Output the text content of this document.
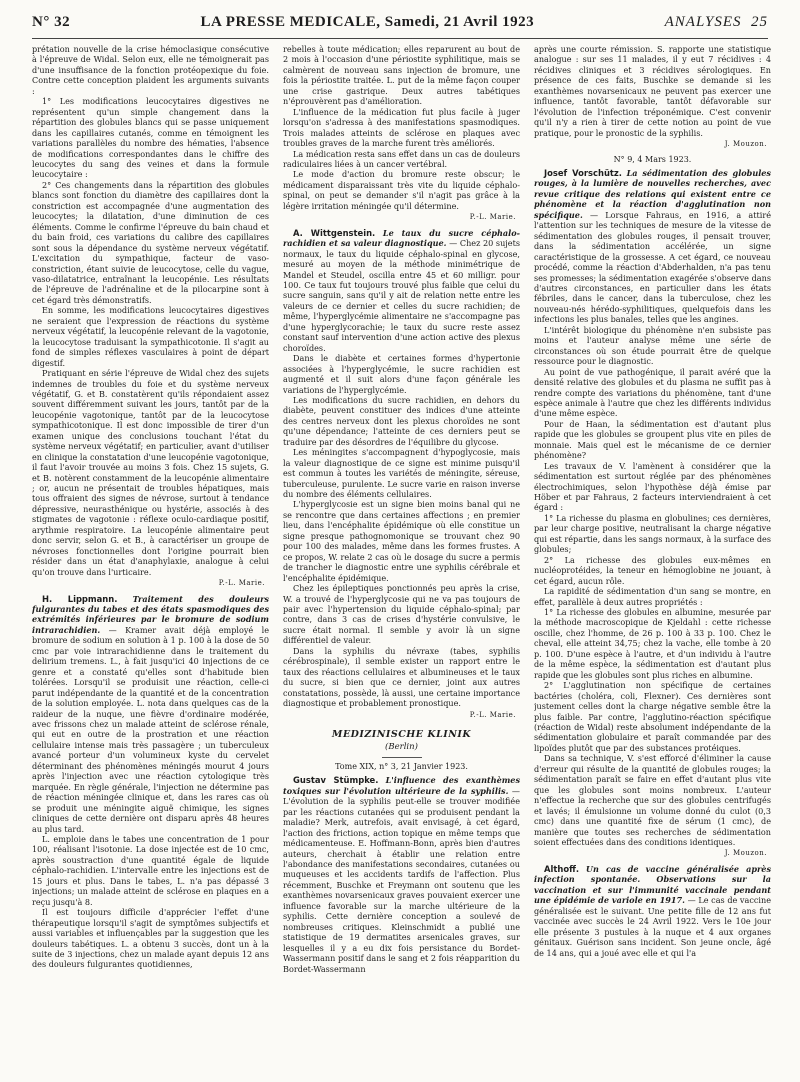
N° 32	LA PRESSE MEDICALE, Samedi, 21 Avril 1923	ANALYSES 25

prétation nouvelle de la crise hémoclasique consécutive à l'épreuve de Widal. Selon eux, elle ne témoignerait pas d'une insuffisance de la fonction protéopexique du foie. Contre cette conception plaident les arguments suivants :

1° Les modifications leucocytaires digestives ne représentent qu'un simple changement dans la répartition des globules blancs qui se passe uniquement dans les capillaires cutanés, comme en témoignent les variations parallèles du nombre des hématies, l'absence de modifications correspondantes dans le chiffre des leucocytes du sang des veines et dans la formule leucocytaire :

2° Ces changements dans la répartition des globules blancs sont fonction du diamètre des capillaires dont la constriction est accompagnée d'une augmentation des leucocytes; la dilatation, d'une diminution de ces éléments. Comme le confirme l'épreuve du bain chaud et du bain froid, ces variations du calibre des capillaires sont sous la dépendance du système nerveux végétatif. L'excitation du sympathique, facteur de vaso-constriction, étant suivie de leucocytose, celle du vague, vaso-dilatatrice, entraînant la leucopénie. Les résultats de l'épreuve de l'adrénaline et de la pilocarpine sont à cet égard très démonstratifs.

En somme, les modifications leucocytaires digestives ne seraient que l'expression de réactions du système nerveux végétatif, la leucopénie relevant de la vagotonie, la leucocytose traduisant la sympathicotonie. Il s'agit au fond de simples réflexes vasculaires à point de départ digestif.

Pratiquant en série l'épreuve de Widal chez des sujets indemnes de troubles du foie et du système nerveux végétatif, G. et B. constatèrent qu'ils répondaient assez souvent différemment suivant les jours, tantôt par de la leucopénie vagotonique, tantôt par de la leucocytose sympathicotonique. Il est donc impossible de tirer d'un examen unique des conclusions touchant l'état du système nerveux végétatif; en particulier, avant d'utiliser en clinique la constatation d'une leucopénie vagotonique, il faut l'avoir trouvée au moins 3 fois. Chez 15 sujets, G. et B. notèrent constamment de la leucopénie alimentaire ; or, aucun ne présentait de troubles hépatiques, mais tous offraient des signes de névrose, surtout à tendance dépressive, neurasthénique ou hystérie, associés à des stigmates de vagotonie : réflexe oculo-cardiaque positif, arythmie respiratoire. La leucopénie alimentaire peut donc servir, selon G. et B., à caractériser un groupe de névroses fonctionnelles dont l'origine pourrait bien résider dans un état d'anaphylaxie, analogue à celui qu'on trouve dans l'urticaire.

P.-L. Marie.

H. Lippmann. Traitement des douleurs fulgurantes du tabes et des états spasmodiques des extrémités inférieures par le bromure de sodium intrarachidien. — Kramer avait déjà employé le bromure de sodium en solution à 1 p. 100 à la dose de 50 cmc par voie intrarachidienne dans le traitement du delirium tremens. L., à fait jusqu'ici 40 injections de ce genre et a constaté qu'elles sont d'habitude bien tolérées. Lorsqu'il se produisit une réaction, celle-ci parut indépendante de la quantité et de la concentration de la solution employée. L. nota dans quelques cas de la raideur de la nuque, une fièvre d'ordinaire modérée, avec frissons chez un malade atteint de sclérose rénale, qui eut en outre de la prostration et une réaction cellulaire intense mais très passagère ; un tuberculeux avancé porteur d'un volumineux kyste du cervelet déterminant des phénomènes méningés mourut 4 jours après l'injection avec une réaction cytologique très marquée. En règle générale, l'injection ne détermine pas de réaction méningée clinique et, dans les rares cas où se produit une méningite aiguë chimique, les signes cliniques de cette dernière ont disparu après 48 heures au plus tard.

L. emploie dans le tabes une concentration de 1 pour 100, réalisant l'isotonie. La dose injectée est de 10 cmc, après soustraction d'une quantité égale de liquide céphalo-rachidien. L'intervalle entre les injections est de 15 jours et plus. Dans le tabes, L. n'a pas dépassé 3 injections; un malade atteint de sclérose en plaques en a reçu jusqu'à 8.

Il est toujours difficile d'apprécier l'effet d'une thérapeutique lorsqu'il s'agit de symptômes subjectifs et aussi variables et influençables par la suggestion que les douleurs tabétiques. L. a obtenu 3 succès, dont un à la suite de 3 injections, chez un malade ayant depuis 12 ans des douleurs fulgurantes quotidiennes,

rebelles à toute médication; elles reparurent au bout de 2 mois à l'occasion d'une périostite syphilitique, mais se calmèrent de nouveau sans injection de bromure, une fois la périostite traitée. L. put de la même façon couper une crise gastrique. Deux autres tabétiques n'éprouvèrent pas d'amélioration.

L'influence de la médication fut plus facile à juger lorsqu'on s'adressa à des manifestations spasmodiques. Trois malades atteints de sclérose en plaques avec troubles graves de la marche furent très améliorés.

La médication resta sans effet dans un cas de douleurs radiculaires liées à un cancer vertébral.

Le mode d'action du bromure reste obscur; le médicament disparaissant très vite du liquide céphalo-spinal, on peut se demander s'il n'agit pas grâce à la légère irritation méningée qu'il détermine.

P.-L. Marie.

A. Wittgenstein. Le taux du sucre céphalo-rachidien et sa valeur diagnostique. — Chez 20 sujets normaux, le taux du liquide céphalo-spinal en glycose, mesuré au moyen de la méthode minimétrique de Mandel et Steudel, oscilla entre 45 et 60 milligr. pour 100. Ce taux fut toujours trouvé plus faible que celui du sucre sanguin, sans qu'il y ait de relation nette entre les valeurs de ce dernier et celles du sucre rachidien; de même, l'hyperglycémie alimentaire ne s'accompagne pas d'une hyperglycorachie; le taux du sucre reste assez constant sauf intervention d'une action active des plexus choroïdes.

Dans le diabète et certaines formes d'hypertonie associées à l'hyperglycémie, le sucre rachidien est augmenté et il suit alors d'une façon générale les variations de l'hyperglycémie.

Les modifications du sucre rachidien, en dehors du diabète, peuvent constituer des indices d'une atteinte des centres nerveux dont les plexus choroïdes ne sont qu'une dépendance; l'atteinte de ces derniers peut se traduire par des désordres de l'équilibre du glycose.

Les méningites s'accompagnent d'hypoglycosie, mais la valeur diagnostique de ce signe est minime puisqu'il est commun à toutes les variétés de méningite, séreuse, tuberculeuse, purulente. Le sucre varie en raison inverse du nombre des éléments cellulaires.

L'hyperglycosie est un signe bien moins banal qui ne se rencontre que dans certaines affections ; en premier lieu, dans l'encéphalite épidémique où elle constitue un signe presque pathognomonique se trouvant chez 90 pour 100 des malades, même dans les formes frustes. A ce propos, W. relate 2 cas où le dosage du sucre a permis de trancher le diagnostic entre une syphilis cérébrale et l'encéphalite épidémique.

Chez les épileptiques ponctionnés peu après la crise, W. a trouvé de l'hyperglycosie qui ne va pas toujours de pair avec l'hypertension du liquide céphalo-spinal; par contre, dans 3 cas de crises d'hystérie convulsive, le sucre était normal. Il semble y avoir là un signe différentiel de valeur.

Dans la syphilis du névraxe (tabes, syphilis cérébrospinale), il semble exister un rapport entre le taux des réactions cellulaires et albumineuses et le taux du sucre, si bien que ce dernier, joint aux autres constatations, possède, là aussi, une certaine importance diagnostique et probablement pronostique.

P.-L. Marie.
MEDIZINISCHE KLINIK
(Berlin)
Tome XIX, n° 3, 21 Janvier 1923.

Gustav Stümpke. L'influence des exanthèmes toxiques sur l'évolution ultérieure de la syphilis. — L'évolution de la syphilis peut-elle se trouver modifiée par les réactions cutanées qui se produisent pendant la maladie? Merk, autrefois, avait envisagé, à cet égard, l'action des frictions, action topique en même temps que médicamenteuse. E. Hoffmann-Bonn, après bien d'autres auteurs, cherchait à établir une relation entre l'abondance des manifestations secondaires, cutanées ou muqueuses et les accidents tardifs de l'affection. Plus récemment, Buschke et Freymann ont soutenu que les exanthèmes novarsenicaux graves pouvaient exercer une influence favorable sur la marche ultérieure de la syphilis. Cette dernière conception a soulevé de nombreuses critiques. Kleinschmidt a publié une statistique de 19 dermatites arsenicales graves, sur lesquelles il y a eu dix fois persistance du Bordet-Wassermann positif dans le sang et 2 fois réapparition du Bordet-Wassermann

après une courte rémission. S. rapporte une statistique analogue : sur ses 11 malades, il y eut 7 récidives : 4 récidives cliniques et 3 récidives sérologiques. En présence de ces faits, Buschke se demande si les exanthèmes novarsenicaux ne peuvent pas exercer une influence, tantôt favorable, tantôt défavorable sur l'évolution de l'infection tréponémique. C'est convenir qu'il n'y a rien à tirer de cette notion au point de vue pratique, pour le pronostic de la syphilis.

J. Mouzon.
N° 9, 4 Mars 1923.

Josef Vorschütz. La sédimentation des globules rouges, à la lumière de nouvelles recherches, avec revue critique des relations qui existent entre ce phénomène et la réaction d'agglutination non spécifique. — Lorsque Fahraus, en 1916, a attiré l'attention sur les techniques de mesure de la vitesse de sédimentation des globules rouges, il pensait trouver, dans la sédimentation accélérée, un signe caractéristique de la grossesse. A cet égard, ce nouveau procédé, comme la réaction d'Abderhalden, n'a pas tenu ses promesses; la sédimentation exagérée s'observe dans d'autres circonstances, en particulier dans les états fébriles, dans le cancer, dans la tuberculose, chez les nouveau-nés hérédo-syphilitiques, quelquefois dans les infections les plus banales, telles que les angines.

L'intérêt biologique du phénomène n'en subsiste pas moins et l'auteur analyse même une série de circonstances où son étude pourrait être de quelque ressource pour le diagnostic.

Au point de vue pathogénique, il parait avéré que la densité relative des globules et du plasma ne suffit pas à rendre compte des variations du phénomène, tant d'une espèce animale à l'autre que chez les différents individus d'une même espèce.

Pour de Haan, la sédimentation est d'autant plus rapide que les globules se groupent plus vite en piles de monnaie. Mais quel est le mécanisme de ce dernier phénomène?

Les travaux de V. l'amènent à considérer que la sédimentation est surtout réglée par des phénomènes électrochimiques, selon l'hypothèse déjà émise par Höber et par Fahraus, 2 facteurs interviendraient à cet égard :

1° La richesse du plasma en globulines; ces dernières, par leur charge positive, neutralisant la charge négative qui est répartie, dans les sangs normaux, à la surface des globules;

2° La richesse des globules eux-mêmes en nucléoprotéides, la teneur en hémoglobine ne jouant, à cet égard, aucun rôle.

La rapidité de sédimentation d'un sang se montre, en effet, parallèle à deux autres propriétés :

1° La richesse des globules en albumine, mesurée par la méthode macroscopique de Kjeldahl : cette richesse oscille, chez l'homme, de 26 p. 100 à 33 p. 100. Chez le cheval, elle atteint 34,75; chez la vache, elle tombe à 20 p. 100. D'une espèce à l'autre, et d'un individu à l'autre de la même espèce, la sédimentation est d'autant plus rapide que les globules sont plus riches en albumine.

2° L'agglutination non spécifique de certaines bactéries (choléra, coli, Flexner). Ces dernières sont justement celles dont la charge négative semble être la plus faible. Par contre, l'agglutino-réaction spécifique (réaction de Widal) reste absolument indépendante de la sédimentation globulaire et paraît commandée par des lipoïdes plutôt que par des substances protéiques.

Dans sa technique, V. s'est efforcé d'éliminer la cause d'erreur qui résulte de la quantité de globules rouges; la sédimentation paraît se faire en effet d'autant plus vite que les globules sont moins nombreux. L'auteur n'effectue la recherche que sur des globules centrifugés et lavés; il émulsionne un volume donné du culot (0,3 cmc) dans une quantité fixe de sérum (1 cmc), de manière que toutes ses recherches de sédimentation soient effectuées dans des conditions identiques.

J. Mouzon.

Althoff. Un cas de vaccine généralisée après infection spontanée. Observations sur la vaccination et sur l'immunité vaccinale pendant une épidémie de variole en 1917. — Le cas de vaccine généralisée est le suivant. Une petite fille de 12 ans fut vaccinée avec succès le 24 Avril 1922. Vers le 10e jour elle présente 3 pustules à la nuque et 4 aux organes génitaux. Guérison sans incident. Son jeune oncle, âgé de 14 ans, qui a joué avec elle et qui l'a
